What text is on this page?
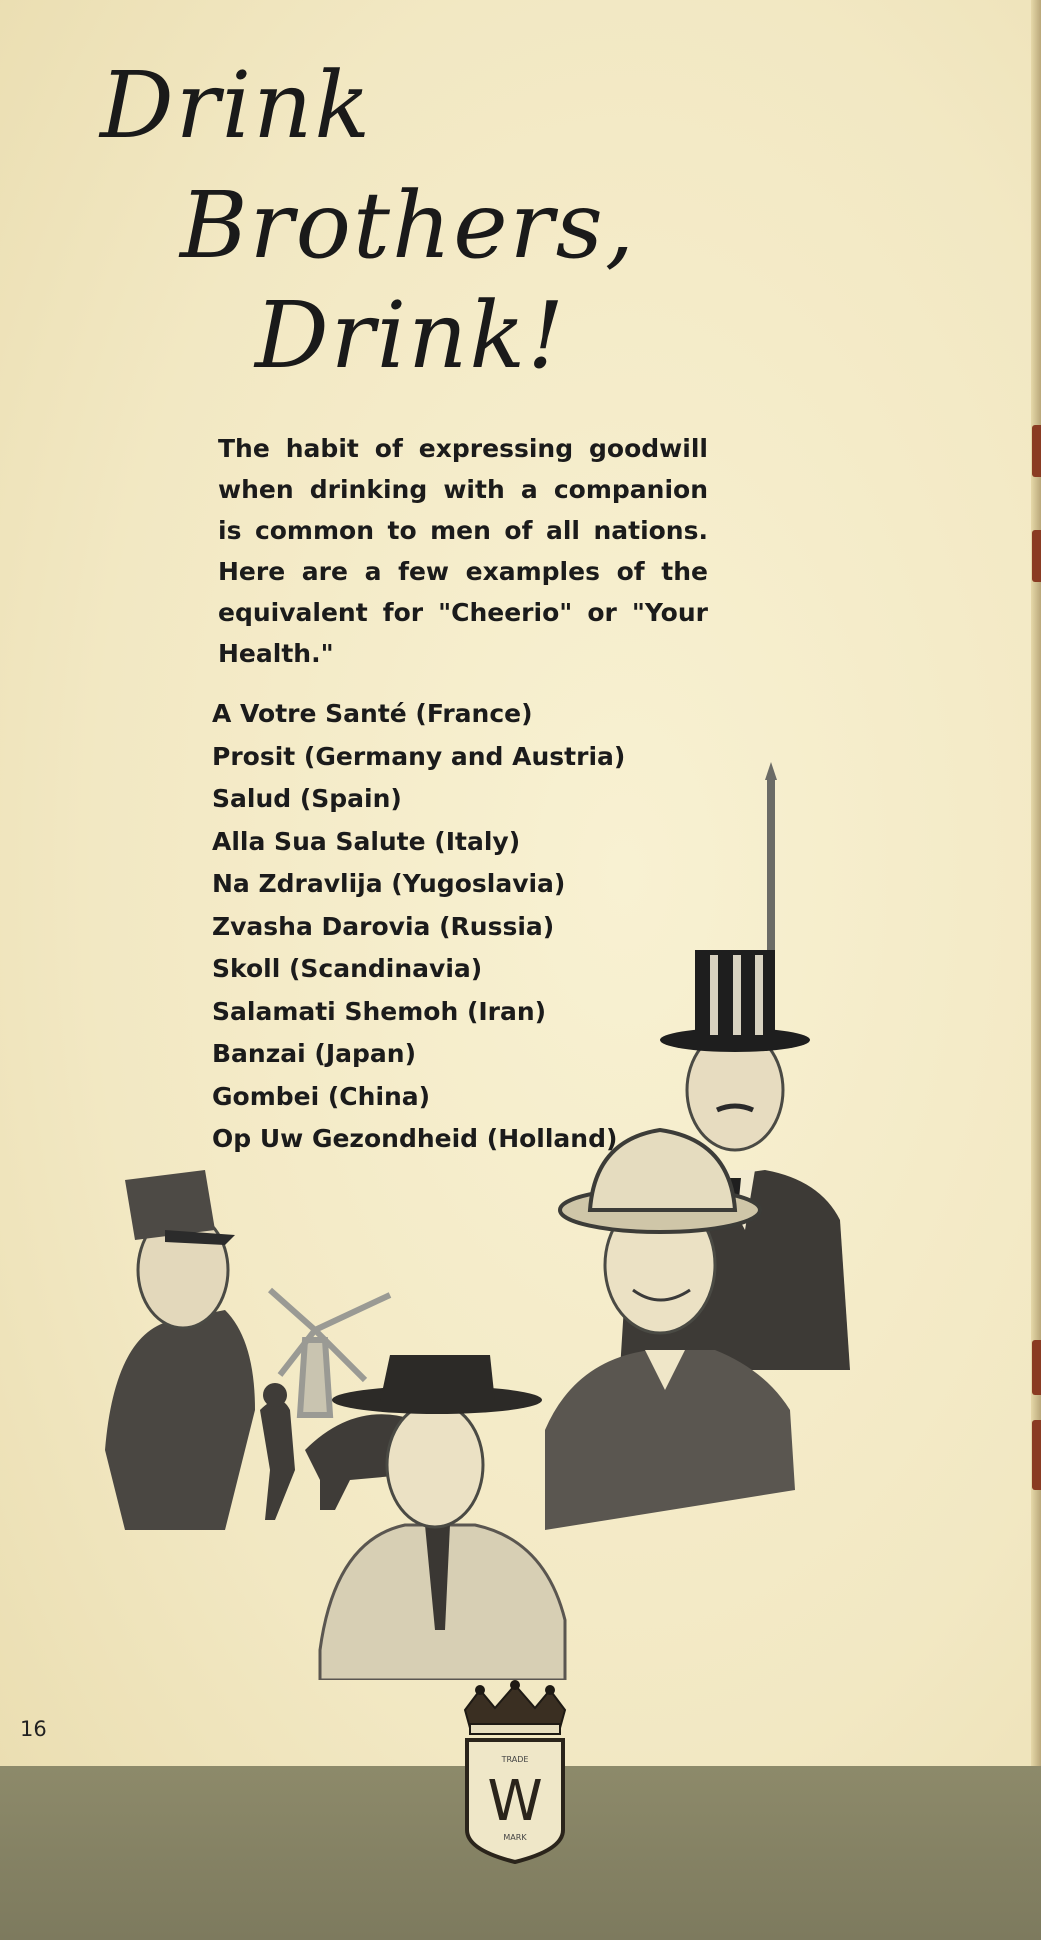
Drink
Brothers,
Drink!
The habit of expressing goodwill when drinking with a companion is common to men of all nations. Here are a few examples of the equivalent for "Cheerio" or "Your Health."
A Votre Santé (France)
Prosit (Germany and Austria)
Salud (Spain)
Alla Sua Salute (Italy)
Na Zdravlija (Yugoslavia)
Zvasha Darovia (Russia)
Skoll (Scandinavia)
Salamati Shemoh (Iran)
Banzai (Japan)
Gombei (China)
Op Uw Gezondheid (Holland)
16
TRADE
W
MARK
